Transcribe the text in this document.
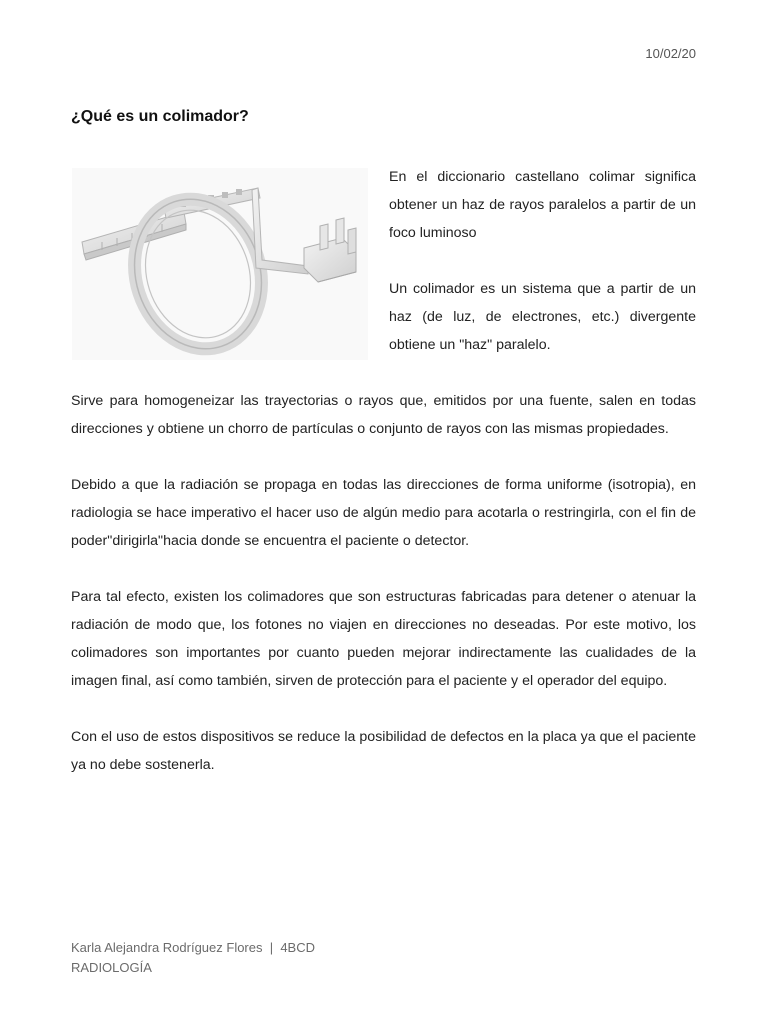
10/02/20
¿Qué es un colimador?

En el diccionario castellano colimar significa obtener un haz de rayos paralelos a partir de un foco luminoso

Un colimador es un sistema que a partir de un haz (de luz, de electrones, etc.) divergente obtiene un "haz" paralelo.

Sirve para homogeneizar las trayectorias o rayos que, emitidos por una fuente, salen en todas direcciones y obtiene un chorro de partículas o conjunto de rayos con las mismas propiedades.

Debido a que la radiación se propaga en todas las direcciones de forma uniforme (isotropia), en radiologia se hace imperativo el hacer uso de algún medio para acotarla o restringirla, con el fin de poder"dirigirla"hacia donde se encuentra el paciente o detector.

Para tal efecto, existen los colimadores que son estructuras fabricadas para detener o atenuar la radiación de modo que, los fotones no viajen en direcciones no deseadas. Por este motivo, los colimadores son importantes por cuanto pueden mejorar indirectamente las cualidades de la imagen final, así como también, sirven de protección para el paciente y el operador del equipo.

Con el uso de estos dispositivos se reduce la posibilidad de defectos en la placa ya que el paciente ya no debe sostenerla.

Karla Alejandra Rodríguez Flores  |  4BCD
RADIOLOGÍA
